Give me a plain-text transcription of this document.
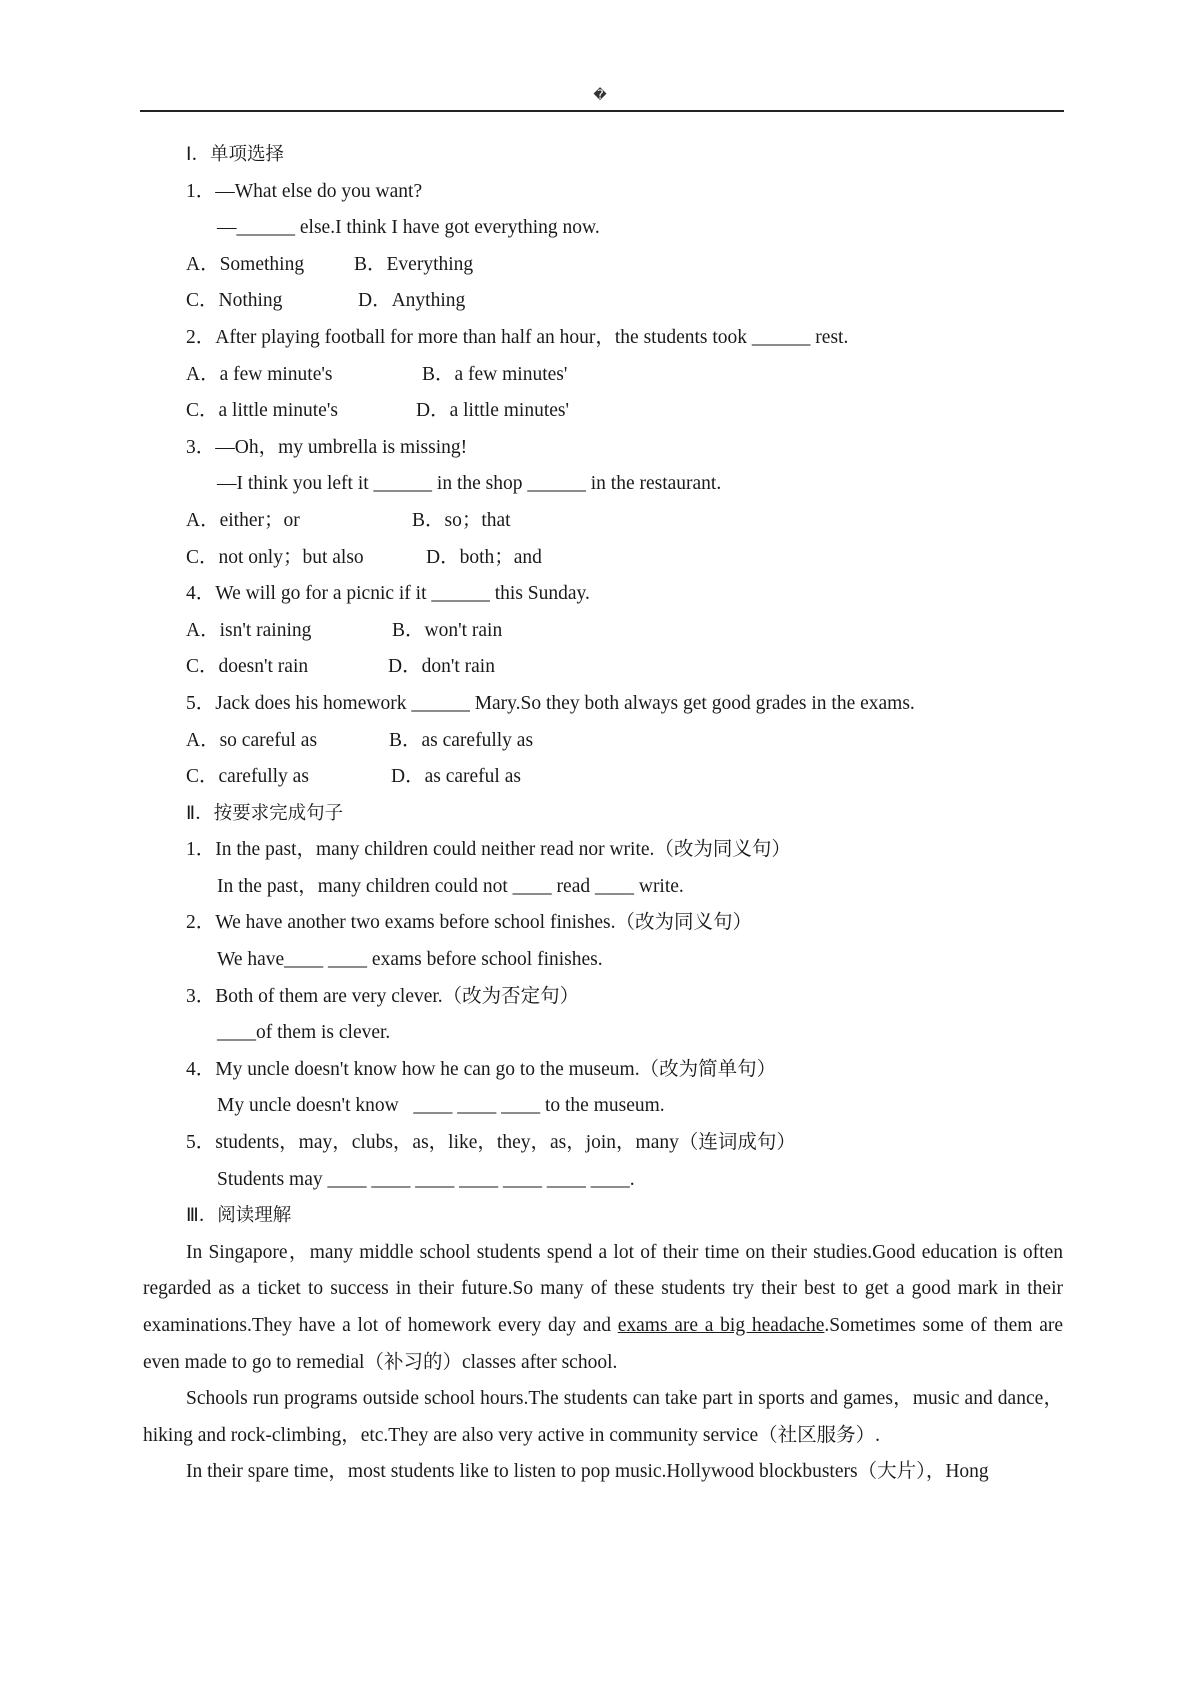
�
Ⅰ．单项选择
1．—What else do you want?
—______ else.I think I have got everything now.
A．Something	B．Everything
C．Nothing	D．Anything
2．After playing football for more than half an hour，the students took ______ rest.
A．a few minute's	B．a few minutes'
C．a little minute's	D．a little minutes'
3．—Oh，my umbrella is missing!
—I think you left it ______ in the shop ______ in the restaurant.
A．either；or	B．so；that
C．not only；but also	D．both；and
4．We will go for a picnic if it ______ this Sunday.
A．isn't raining	B．won't rain
C．doesn't rain	D．don't rain
5．Jack does his homework ______ Mary.So they both always get good grades in the exams.
A．so careful as	B．as carefully as
C．carefully as	D．as careful as
Ⅱ．按要求完成句子
1．In the past，many children could neither read nor write.（改为同义句）
In the past，many children could not ____ read ____ write.
2．We have another two exams before school finishes.（改为同义句）
We have____ ____ exams before school finishes.
3．Both of them are very clever.（改为否定句）
____of them is clever.
4．My uncle doesn't know how he can go to the museum.（改为简单句）
My uncle doesn't know   ____ ____ ____ to the museum.
5．students，may，clubs，as，like，they，as，join，many（连词成句）
Students may ____ ____ ____ ____ ____ ____ ____.
Ⅲ．阅读理解

In Singapore，many middle school students spend a lot of their time on their studies.Good education is often regarded as a ticket to success in their future.So many of these students try their best to get a good mark in their examinations.They have a lot of homework every day and exams are a big headache.Sometimes some of them are even made to go to remedial（补习的）classes after school.

Schools run programs outside school hours.The students can take part in sports and games，music and dance，hiking and rock-climbing，etc.They are also very active in community service（社区服务）.

In their spare time，most students like to listen to pop music.Hollywood blockbusters（大片），Hong
